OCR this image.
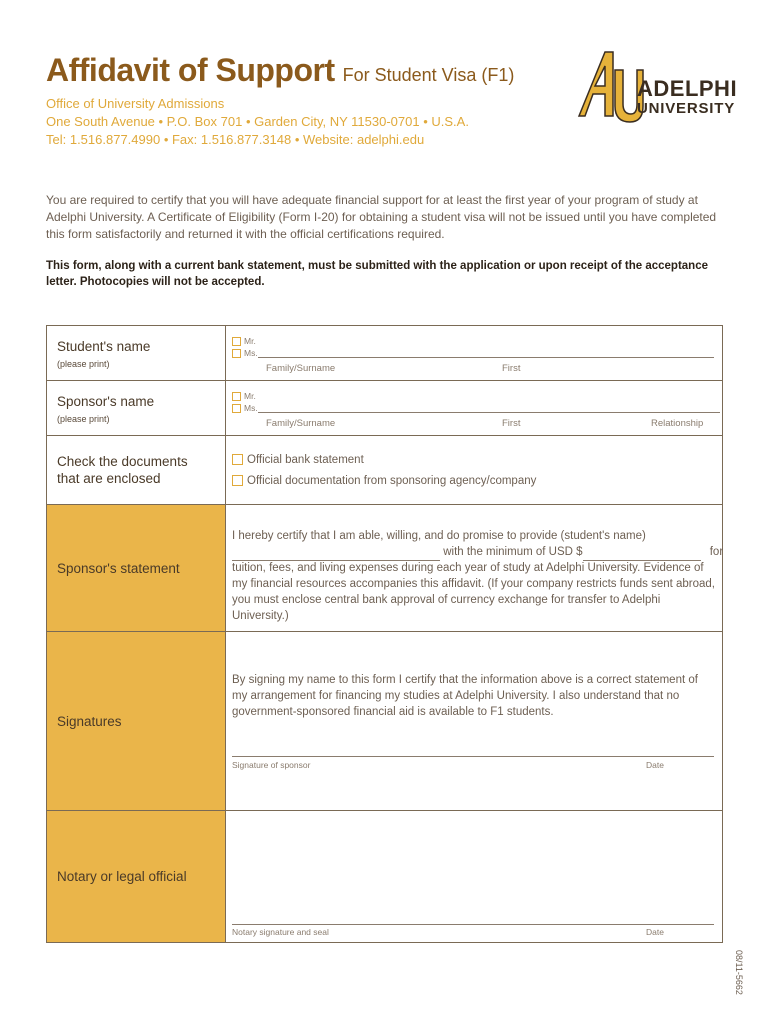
Affidavit of Support For Student Visa (F1)
Office of University Admissions
One South Avenue • P.O. Box 701 • Garden City, NY 11530-0701 • U.S.A.
Tel: 1.516.877.4990 • Fax: 1.516.877.3148 • Website: adelphi.edu
ADELPHI
UNIVERSITY
You are required to certify that you will have adequate financial support for at least the first year of your program of study at Adelphi University. A Certificate of Eligibility (Form I-20) for obtaining a student visa will not be issued until you have completed this form satisfactorily and returned it with the official certifications required.
This form, along with a current bank statement, must be submitted with the application or upon receipt of the acceptance letter. Photocopies will not be accepted.
Student's name
(please print)
Mr.
Ms.
Family/Surname	First
Sponsor's name
(please print)
Mr.
Ms.
Family/Surname	First	Relationship
Check the documents
that are enclosed
Official bank statement
Official documentation from sponsoring agency/company
Sponsor's statement
I hereby certify that I am able, willing, and do promise to provide (student's name)
with the minimum of USD $	for
tuition, fees, and living expenses during each year of study at Adelphi University. Evidence of my financial resources accompanies this affidavit. (If your company restricts funds sent abroad, you must enclose central bank approval of currency exchange for transfer to Adelphi University.)
Signatures
By signing my name to this form I certify that the information above is a correct statement of my arrangement for financing my studies at Adelphi University. I also understand that no government-sponsored financial aid is available to F1 students.
Signature of sponsor	Date
Notary or legal official
Notary signature and seal	Date
08/11-5662
